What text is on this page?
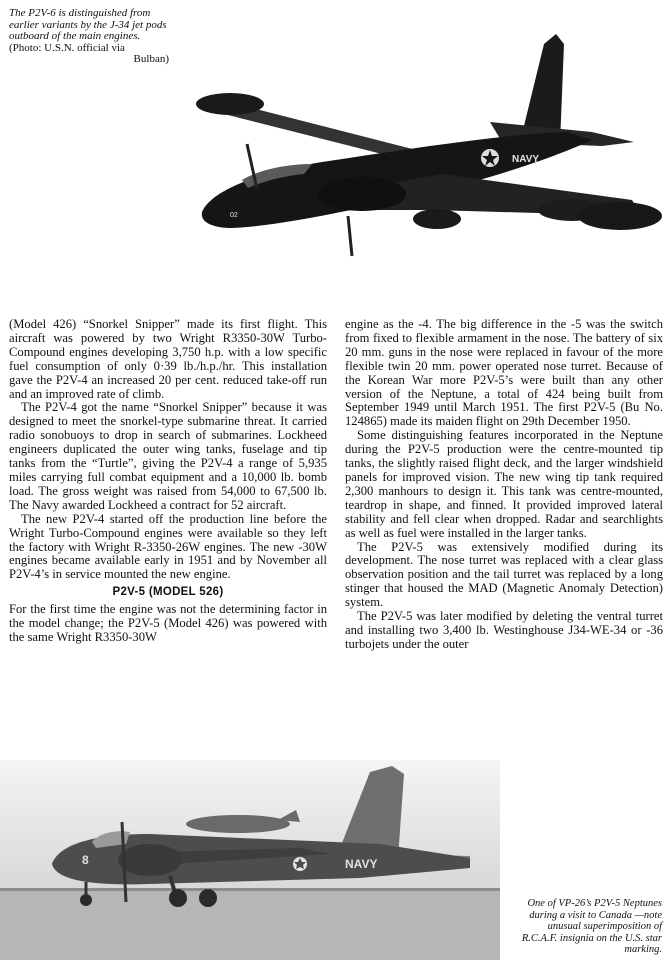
The P2V-6 is distinguished from earlier variants by the J-34 jet pods outboard of the main engines.
(Photo: U.S.N. official via
Bulban)
NAVY
02

(Model 426) “Snorkel Snipper” made its first flight. This aircraft was powered by two Wright R3350-30W Turbo-Compound engines developing 3,750 h.p. with a low specific fuel consumption of only 0·39 lb./h.p./hr. This installation gave the P2V-4 an increased 20 per cent. reduced take-off run and an improved rate of climb.

The P2V-4 got the name “Snorkel Snipper” because it was designed to meet the snorkel-type submarine threat. It carried radio sonobuoys to drop in search of submarines. Lockheed engineers duplicated the outer wing tanks, fuselage and tip tanks from the “Turtle”, giving the P2V-4 a range of 5,935 miles carrying full combat equipment and a 10,000 lb. bomb load. The gross weight was raised from 54,000 to 67,500 lb. The Navy awarded Lockheed a contract for 52 aircraft.

The new P2V-4 started off the production line before the Wright Turbo-Compound engines were available so they left the factory with Wright R-3350-26W engines. The new -30W engines became available early in 1951 and by November all P2V-4’s in service mounted the new engine.

P2V-5 (MODEL 526)

For the first time the engine was not the determining factor in the model change; the P2V-5 (Model 426) was powered with the same Wright R3350-30W

engine as the -4. The big difference in the -5 was the switch from fixed to flexible armament in the nose. The battery of six 20 mm. guns in the nose were replaced in favour of the more flexible twin 20 mm. power operated nose turret. Because of the Korean War more P2V-5’s were built than any other version of the Neptune, a total of 424 being built from September 1949 until March 1951. The first P2V-5 (Bu No. 124865) made its maiden flight on 29th December 1950.

Some distinguishing features incorporated in the Neptune during the P2V-5 production were the centre-mounted tip tanks, the slightly raised flight deck, and the larger windshield panels for improved vision. The new wing tip tank required 2,300 manhours to design it. This tank was centre-mounted, teardrop in shape, and finned. It provided improved lateral stability and fell clear when dropped. Radar and searchlights as well as fuel were installed in the larger tanks.

The P2V-5 was extensively modified during its development. The nose turret was replaced with a clear glass observation position and the tail turret was replaced by a long stinger that housed the MAD (Magnetic Anomaly Detection) system.

The P2V-5 was later modified by deleting the ventral turret and installing two 3,400 lb. Westinghouse J34-WE-34 or -36 turbojets under the outer

NAVY
8
One of VP-26’s P2V-5 Neptunes during a visit to Canada —note unusual superimposition of R.C.A.F. insignia on the U.S. star marking.
